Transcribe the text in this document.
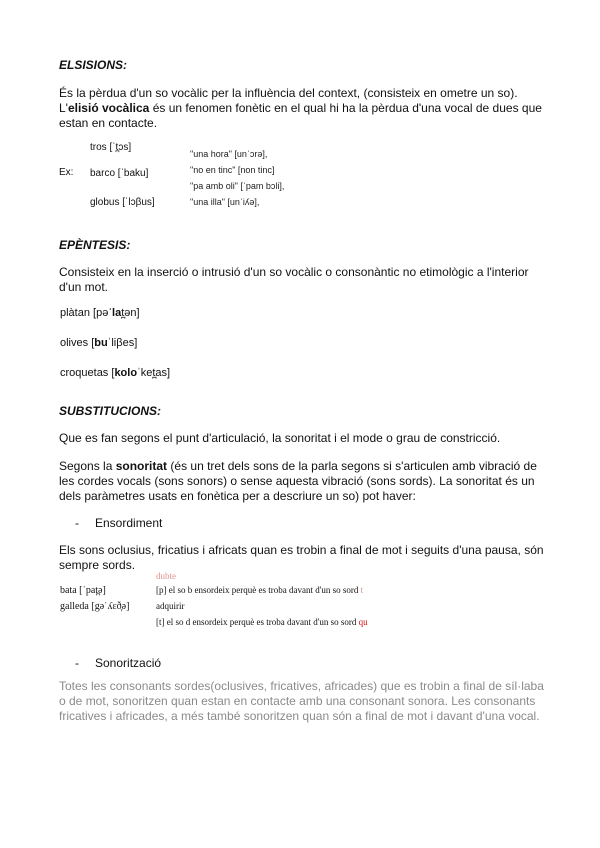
ELSISIONS:
És la pèrdua d'un so vocàlic per la influència del context, (consisteix en ometre un so).
L'elisió vocàlica és un fenomen fonètic en el qual hi ha la pèrdua d'una vocal de dues que
estan en contacte.
Ex:
tros [ˈt̪ɔs]
barco [ˈbaku]
globus [ˈlɔβus]
"una hora" [unˈɔrə],
"no en tinc" [non tinc]
"pa amb oli" [ˈpam bɔli],
"una illa" [unˈiʎə],
EPÈNTESIS:
Consisteix en la inserció o intrusió d'un so vocàlic o consonàntic no etimològic a l'interior
d'un mot.
plàtan [pəˈlat̪ən]
olives [buˈliβes]
croquetas [koloˈket̪as]
SUBSTITUCIONS:
Que es fan segons el punt d'articulació, la sonoritat i el mode o grau de constricció.
Segons la sonoritat (és un tret dels sons de la parla segons si s'articulen amb vibració de
les cordes vocals (sons sonors) o sense aquesta vibració (sons sords). La sonoritat és un
dels paràmetres usats en fonètica per a descriure un so) pot haver:
- Ensordiment
Els sons oclusius, fricatius i africats quan es trobin a final de mot i seguits d'una pausa, són
sempre sords.
dubte
bata [ˈpat̪ə]	[p] el so b ensordeix perquè es troba davant d'un so sord t
galleda [gəˈʎɛð̞ə]	adquirir
[t] el so d ensordeix perquè es troba davant d'un so sord qu
- Sonorització
Totes les consonants sordes(oclusives, fricatives, africades) que es trobin a final de síl·laba
o de mot, sonoritzen quan estan en contacte amb una consonant sonora. Les consonants
fricatives i africades, a més també sonoritzen quan són a final de mot i davant d'una vocal.
